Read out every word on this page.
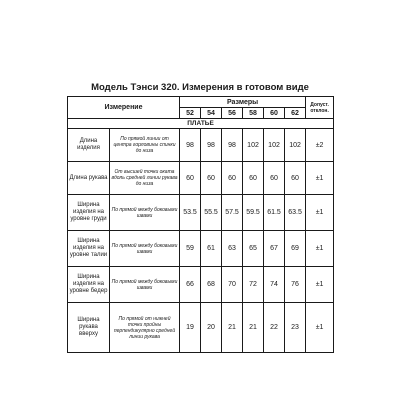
Модель Тэнси 320. Измерения в готовом виде
Измерение		Размеры						Допуст. отклон.
		52	54	56	58	60	62	
ПЛАТЬЕ								
Длина изделия	По прямой линии от центра горловины спинки до низа	98	98	98	102	102	102	±2
Длина рукава	От высшей точки оката вдоль средней линии рукава до низа	60	60	60	60	60	60	±1
Ширина изделия на уровне груди	По прямой между боковыми швами	53.5	55.5	57.5	59.5	61.5	63.5	±1
Ширина изделия на уровне талии	По прямой между боковыми швами	59	61	63	65	67	69	±1
Ширина изделия на уровне бедер	По прямой между боковыми швами	66	68	70	72	74	76	±1
Ширина рукава вверху	По прямой от нижней точки пройны перпендикулярно средней линии рукава	19	20	21	21	22	23	±1
